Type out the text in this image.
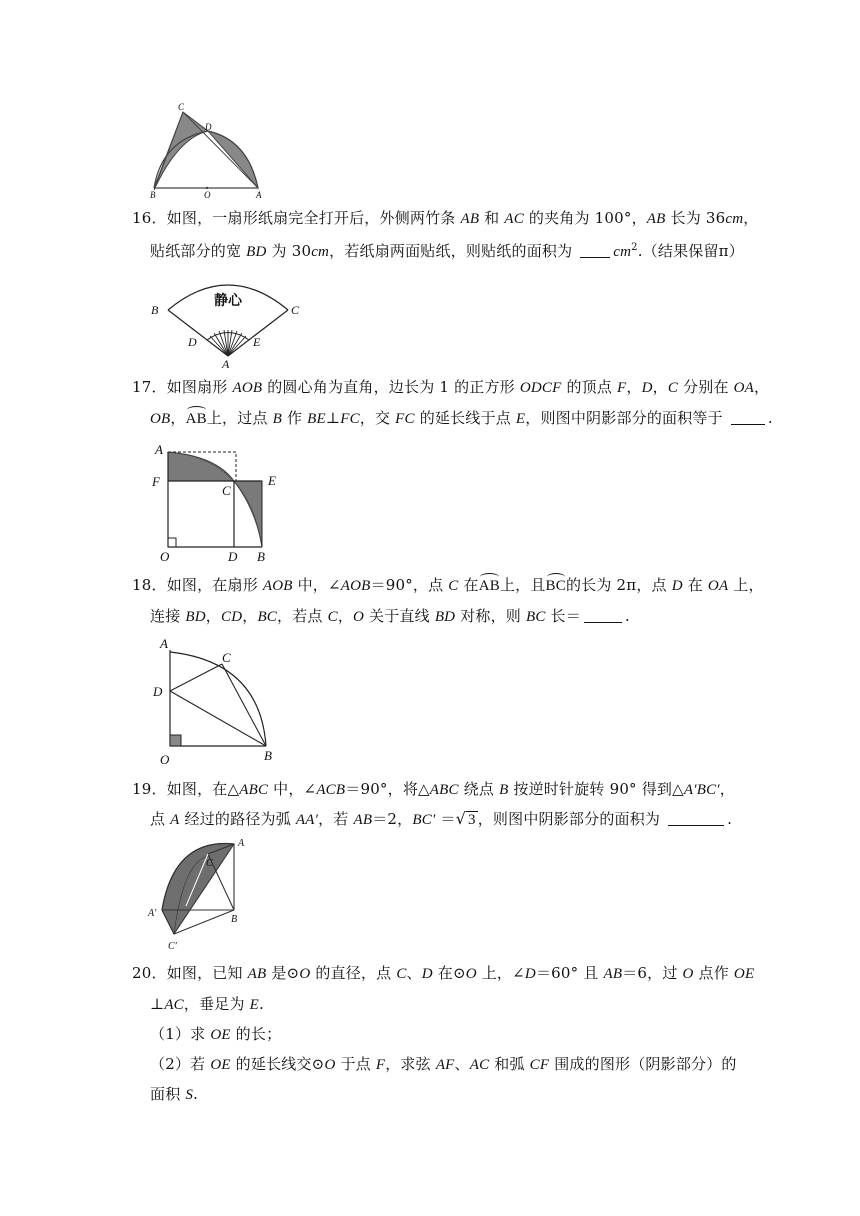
C
D
B	O	A
16．如图，一扇形纸扇完全打开后，外侧两竹条 AB 和 AC 的夹角为 100°，AB 长为 36cm，
贴纸部分的宽 BD 为 30cm，若纸扇两面贴纸，则贴纸的面积为 $cm^2$.（结果保留π）
静心
B	C
D	E
A
17．如图扇形 AOB 的圆心角为直角，边长为 1 的正方形 ODCF 的顶点 F，D，C 分别在 OA，
OB，AB上，过点 B 作 BE⊥FC，交 FC 的延长线于点 E，则图中阴影部分的面积等于	.
A
E
F
C
O	D B
18．如图，在扇形 AOB 中，∠AOB＝90°，点 C 在AB上，且BC的长为 2π，点 D 在 OA 上，
连接 BD，CD，BC，若点 C，O 关于直线 BD 对称，则 BC 长＝	.
A
C
D
O	B
19．如图，在△ABC 中，∠ACB＝90°，将△ABC 绕点 B 按逆时针旋转 90° 得到△A′BC′，
点 A 经过的路径为弧 AA′，若 AB＝2，BC′ ＝√ 3 ，则图中阴影部分的面积为	.
A
C
B
A′
C′
20．如图，已知 AB 是⊙O 的直径，点 C、D 在⊙O 上，∠D＝60° 且 AB＝6，过 O 点作 OE
⊥AC，垂足为 E.
（1）求 OE 的长；
（2）若 OE 的延长线交⊙O 于点 F，求弦 AF、AC 和弧 CF 围成的图形（阴影部分）的
面积 S.
